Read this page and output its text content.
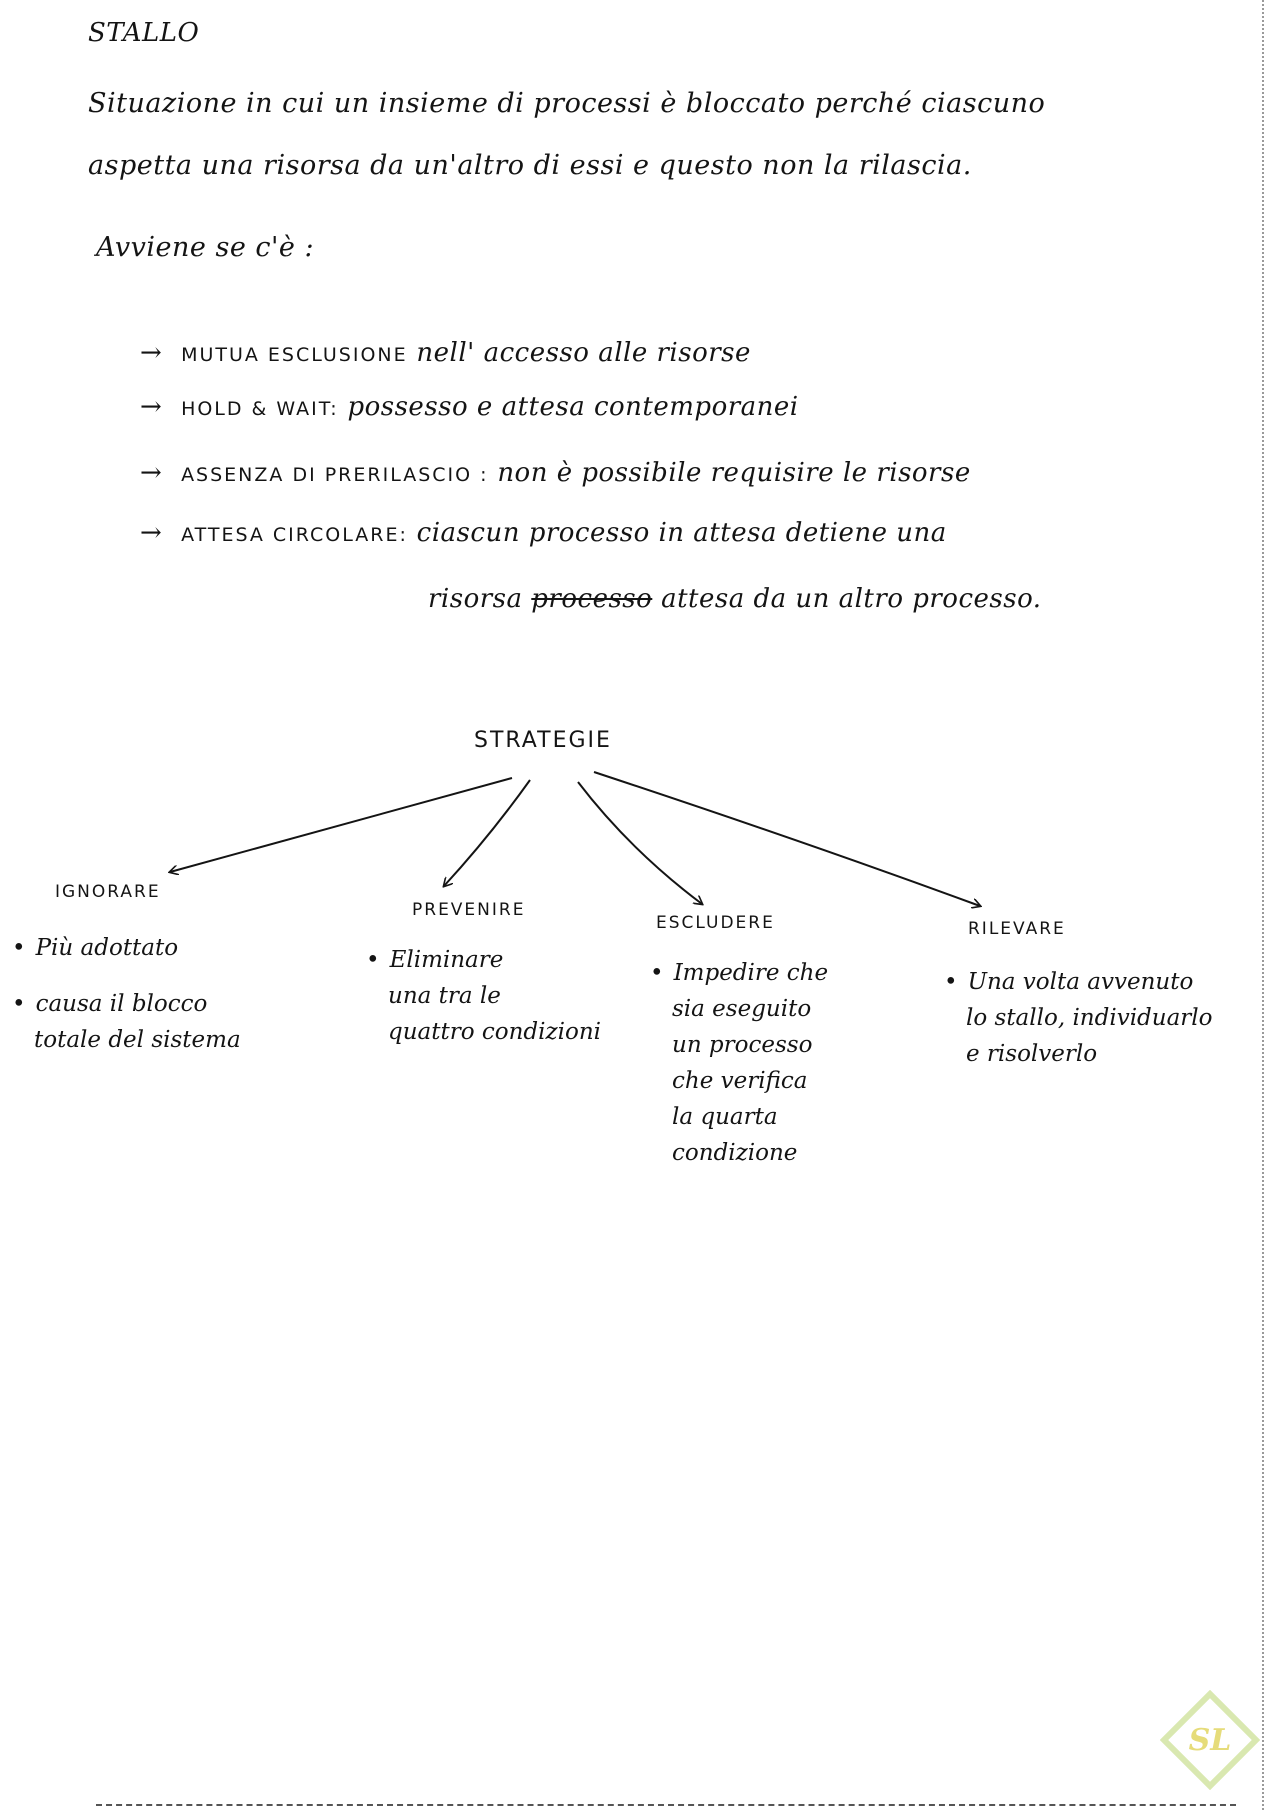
STALLO
Situazione in cui un insieme di processi è bloccato perché ciascuno
aspetta una risorsa da un'altro di essi e questo non la rilascia.
Avviene se c'è :
→ MUTUA ESCLUSIONE nell' accesso alle risorse
→ HOLD & WAIT: possesso e attesa contemporanei
→ ASSENZA DI PRERILASCIO : non è possibile requisire le risorse
→ ATTESA CIRCOLARE: ciascun processo in attesa detiene una
risorsa processo attesa da un altro processo.
STRATEGIE
IGNORARE
PREVENIRE
ESCLUDERE	RILEVARE
• Più adottato
• causa il blocco
totale del sistema
• Eliminare
una tra le
quattro condizioni
• Impedire che
sia eseguito
un processo
che verifica
la quarta
condizione
• Una volta avvenuto
lo stallo, individuarlo
e risolverlo
SL
